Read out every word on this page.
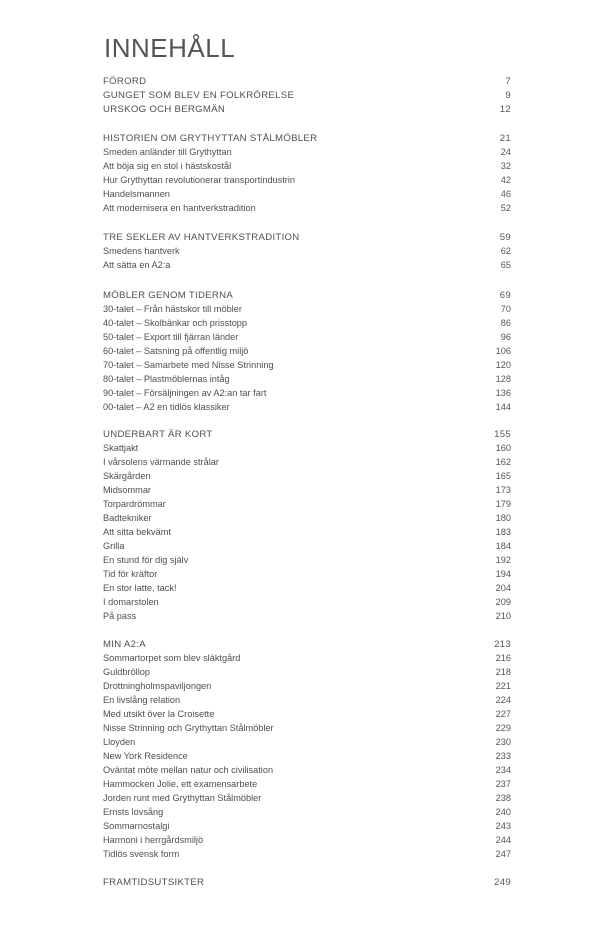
INNEHÅLL
FÖRORD	7
GUNGET SOM BLEV EN FOLKRÖRELSE	9
URSKOG OCH BERGMÄN	12
HISTORIEN OM GRYTHYTTAN STÅLMÖBLER	21
Smeden anländer till Grythyttan	24
Att böja sig en stol i hästskostål	32
Hur Grythyttan revolutionerar transportindustrin	42
Handelsmannen	46
Att modernisera en hantverkstradition	52
TRE SEKLER AV HANTVERKSTRADITION	59
Smedens hantverk	62
Att sätta en A2:a	65
MÖBLER GENOM TIDERNA	69
30-talet – Från hästskor till möbler	70
40-talet – Skolbänkar och prisstopp	86
50-talet – Export till fjärran länder	96
60-talet – Satsning på offentlig miljö	106
70-talet – Samarbete med Nisse Strinning	120
80-talet – Plastmöblernas intåg	128
90-talet – Försäljningen av A2:an tar fart	136
00-talet – A2 en tidlös klassiker	144
UNDERBART ÄR KORT	155
Skattjakt	160
I vårsolens värmande strålar	162
Skärgården	165
Midsommar	173
Torpardrömmar	179
Badtekniker	180
Att sitta bekvämt	183
Grilla	184
En stund för dig själv	192
Tid för kräftor	194
En stor latte, tack!	204
I domarstolen	209
På pass	210
MIN A2:A	213
Sommartorpet som blev släktgård	216
Guldbröllop	218
Drottningholmspaviljongen	221
En livslång relation	224
Med utsikt över la Croisette	227
Nisse Strinning och Grythyttan Stålmöbler	229
Lloyden	230
New York Residence	233
Oväntat möte mellan natur och civilisation	234
Hammocken Jolie, ett examensarbete	237
Jorden runt med Grythyttan Stålmöbler	238
Ernsts lovsång	240
Sommarnostalgi	243
Harmoni i herrgårdsmiljö	244
Tidlös svensk form	247
FRAMTIDSUTSIKTER	249
